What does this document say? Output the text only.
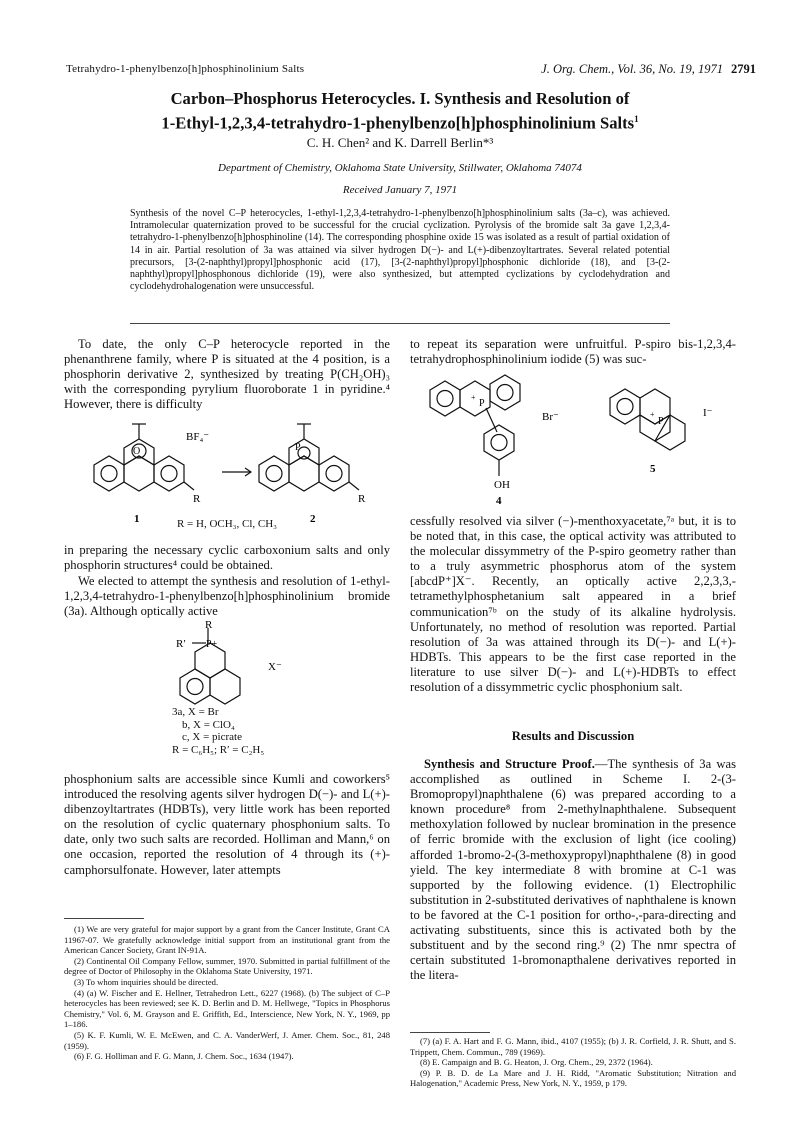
Tetrahydro-1-phenylbenzo[h]phosphinolinium Salts	J. Org. Chem., Vol. 36, No. 19, 1971 2791
Carbon–Phosphorus Heterocycles. I. Synthesis and Resolution of
1-Ethyl-1,2,3,4-tetrahydro-1-phenylbenzo[h]phosphinolinium Salts$^1$
C. H. Chen² and K. Darrell Berlin*³
Department of Chemistry, Oklahoma State University, Stillwater, Oklahoma 74074
Received January 7, 1971
Synthesis of the novel C–P heterocycles, 1-ethyl-1,2,3,4-tetrahydro-1-phenylbenzo[h]phosphinolinium salts (3a–c), was achieved. Intramolecular quaternization proved to be successful for the crucial cyclization. Pyrolysis of the bromide salt 3a gave 1,2,3,4-tetrahydro-1-phenylbenzo[h]phosphinoline (14). The corresponding phosphine oxide 15 was isolated as a result of partial oxidation of 14 in air. Partial resolution of 3a was attained via silver hydrogen D(−)- and L(+)-dibenzoyltartrates. Several related potential precursors, [3-(2-naphthyl)propyl]phosphonic acid (17), [3-(2-naphthyl)propyl]phosphonic dichloride (18), and [3-(2-naphthyl)propyl]phosphonous dichloride (19), were also synthesized, but attempted cyclizations by cyclodehydration and cyclodehydrohalogenation were unsuccessful.

To date, the only C–P heterocycle reported in the phenanthrene family, where P is situated at the 4 position, is a phosphorin derivative 2, synthesized by treating P(CH₂OH)₃ with the corresponding pyrylium fluoroborate 1 in pyridine.⁴ However, there is difficulty

O
BF₄⁻
P
R	R
1	2
R = H, OCH₃, Cl, CH₃

in preparing the necessary cyclic carboxonium salts and only phosphorin structures⁴ could be obtained.

We elected to attempt the synthesis and resolution of 1-ethyl-1,2,3,4-tetrahydro-1-phenylbenzo[h]phosphinolinium bromide (3a). Although optically active

R
R′ P+
X⁻
3a, X = Br
b, X = ClO₄
c, X = picrate
R = C₆H₅; R′ = C₂H₅

phosphonium salts are accessible since Kumli and coworkers⁵ introduced the resolving agents silver hydrogen D(−)- and L(+)-dibenzoyltartrates (HDBTs), very little work has been reported on the resolution of cyclic quaternary phosphonium salts. To date, only two such salts are recorded. Holliman and Mann,⁶ on one occasion, reported the resolution of 4 through its (+)-camphorsulfonate. However, later attempts

(1) We are very grateful for major support by a grant from the Cancer Institute, Grant CA 11967-07. We gratefully acknowledge initial support from an institutional grant from the American Cancer Society, Grant IN-91A.

(2) Continental Oil Company Fellow, summer, 1970. Submitted in partial fulfillment of the degree of Doctor of Philosophy in the Oklahoma State University, 1971.

(3) To whom inquiries should be directed.

(4) (a) W. Fischer and E. Hellner, Tetrahedron Lett., 6227 (1968). (b) The subject of C–P heterocycles has been reviewed; see K. D. Berlin and D. M. Hellwege, "Topics in Phosphorus Chemistry," Vol. 6, M. Grayson and E. Griffith, Ed., Interscience, New York, N. Y., 1969, pp 1–186.

(5) K. F. Kumli, W. E. McEwen, and C. A. VanderWerf, J. Amer. Chem. Soc., 81, 248 (1959).

(6) F. G. Holliman and F. G. Mann, J. Chem. Soc., 1634 (1947).

to repeat its separation were unfruitful. P-spiro bis-1,2,3,4-tetrahydrophosphinolinium iodide (5) was suc-

P
+
Br⁻
OH
4
P
+	I⁻
5

cessfully resolved via silver (−)-menthoxyacetate,⁷ᵃ but, it is to be noted that, in this case, the optical activity was attributed to the molecular dissymmetry of the P-spiro geometry rather than to a truly asymmetric phosphorus atom of the system [abcdP⁺]X⁻. Recently, an optically active 2,2,3,3,-tetramethylphosphetanium salt appeared in a brief communication⁷ᵇ on the study of its alkaline hydrolysis. Unfortunately, no method of resolution was reported. Partial resolution of 3a was attained through its D(−)- and L(+)-HDBTs. This appears to be the first case reported in the literature to use silver D(−)- and L(+)-HDBTs to effect resolution of a dissymmetric cyclic phosphonium salt.

Results and Discussion

Synthesis and Structure Proof.—The synthesis of 3a was accomplished as outlined in Scheme I. 2-(3-Bromopropyl)naphthalene (6) was prepared according to a known procedure⁸ from 2-methylnaphthalene. Subsequent methoxylation followed by nuclear bromination in the presence of ferric bromide with the exclusion of light (ice cooling) afforded 1-bromo-2-(3-methoxypropyl)naphthalene (8) in good yield. The key intermediate 8 with bromine at C-1 was supported by the following evidence. (1) Electrophilic substitution in 2-substituted derivatives of naphthalene is known to be favored at the C-1 position for ortho-,-para-directing and activating substituents, since this is activated both by the substituent and by the second ring.⁹ (2) The nmr spectra of certain substituted 1-bromonapthalene derivatives reported in the litera-

(7) (a) F. A. Hart and F. G. Mann, ibid., 4107 (1955); (b) J. R. Corfield, J. R. Shutt, and S. Trippett, Chem. Commun., 789 (1969).

(8) E. Campaign and B. G. Heaton, J. Org. Chem., 29, 2372 (1964).

(9) P. B. D. de La Mare and J. H. Ridd, "Aromatic Substitution; Nitration and Halogenation," Academic Press, New York, N. Y., 1959, p 179.
